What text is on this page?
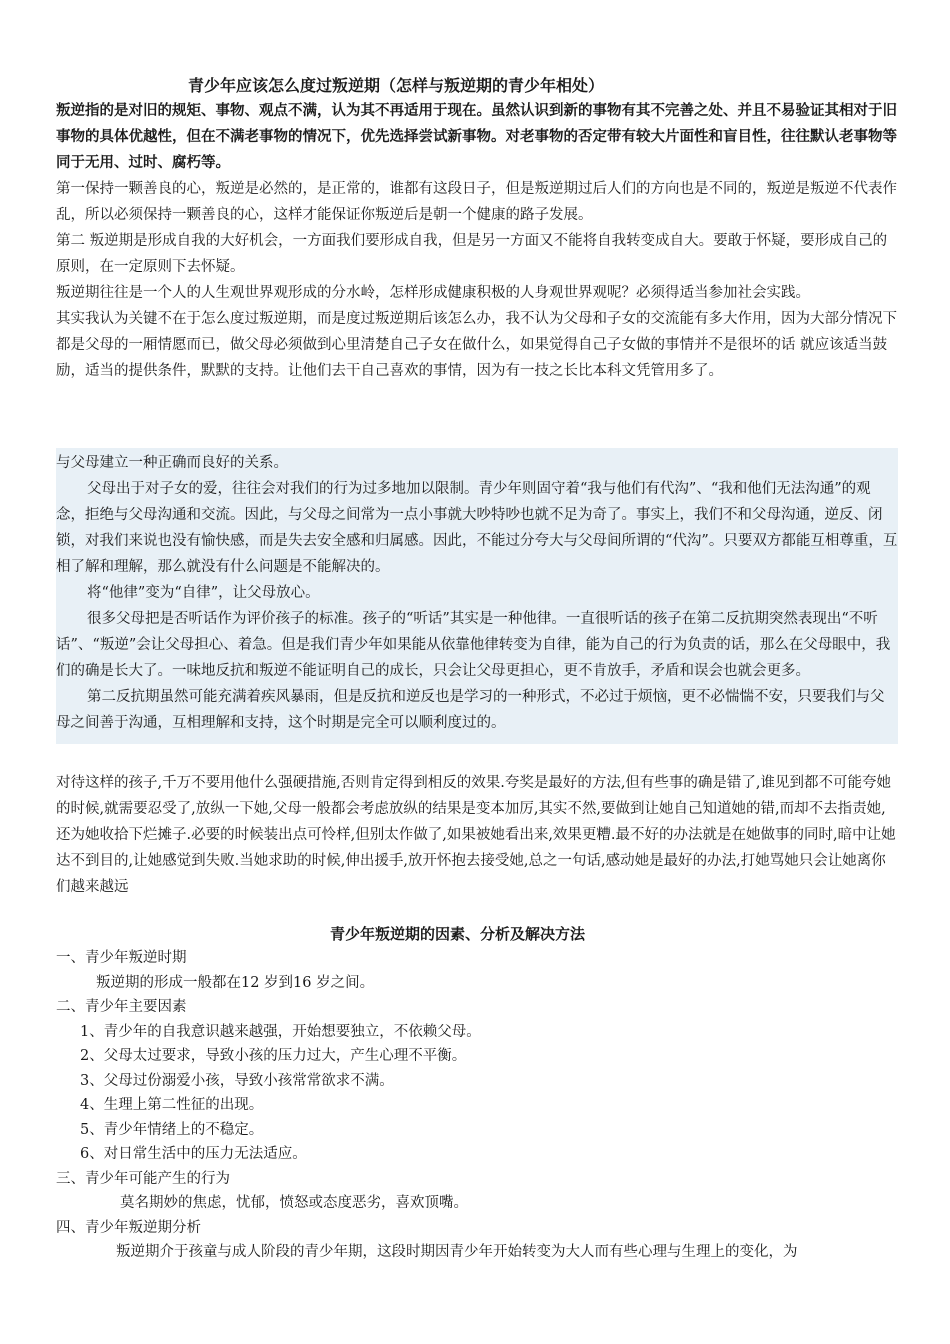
青少年应该怎么度过叛逆期（怎样与叛逆期的青少年相处）
叛逆指的是对旧的规矩、事物、观点不满，认为其不再适用于现在。虽然认识到新的事物有其不完善之处、并且不易验证其相对于旧事物的具体优越性，但在不满老事物的情况下，优先选择尝试新事物。对老事物的否定带有较大片面性和盲目性，往往默认老事物等同于无用、过时、腐朽等。

第一保持一颗善良的心，叛逆是必然的，是正常的，谁都有这段日子，但是叛逆期过后人们的方向也是不同的，叛逆是叛逆不代表作乱，所以必须保持一颗善良的心，这样才能保证你叛逆后是朝一个健康的路子发展。

第二 叛逆期是形成自我的大好机会，一方面我们要形成自我，但是另一方面又不能将自我转变成自大。要敢于怀疑，要形成自己的原则，在一定原则下去怀疑。

叛逆期往往是一个人的人生观世界观形成的分水岭，怎样形成健康积极的人身观世界观呢？必须得适当参加社会实践。

其实我认为关键不在于怎么度过叛逆期，而是度过叛逆期后该怎么办，我不认为父母和子女的交流能有多大作用，因为大部分情况下都是父母的一厢情愿而已，做父母必须做到心里清楚自己子女在做什么，如果觉得自己子女做的事情并不是很坏的话 就应该适当鼓励，适当的提供条件，默默的支持。让他们去干自己喜欢的事情，因为有一技之长比本科文凭管用多了。

与父母建立一种正确而良好的关系。

父母出于对子女的爱，往往会对我们的行为过多地加以限制。青少年则固守着“我与他们有代沟”、“我和他们无法沟通”的观念，拒绝与父母沟通和交流。因此，与父母之间常为一点小事就大吵特吵也就不足为奇了。事实上，我们不和父母沟通，逆反、闭锁，对我们来说也没有愉快感，而是失去安全感和归属感。因此，不能过分夸大与父母间所谓的“代沟”。只要双方都能互相尊重，互相了解和理解，那么就没有什么问题是不能解决的。

将“他律”变为“自律”，让父母放心。

很多父母把是否听话作为评价孩子的标准。孩子的“听话”其实是一种他律。一直很听话的孩子在第二反抗期突然表现出“不听话”、“叛逆”会让父母担心、着急。但是我们青少年如果能从依靠他律转变为自律，能为自己的行为负责的话，那么在父母眼中，我们的确是长大了。一味地反抗和叛逆不能证明自己的成长，只会让父母更担心，更不肯放手，矛盾和误会也就会更多。

第二反抗期虽然可能充满着疾风暴雨，但是反抗和逆反也是学习的一种形式，不必过于烦恼，更不必惴惴不安，只要我们与父母之间善于沟通，互相理解和支持，这个时期是完全可以顺利度过的。

对待这样的孩子,千万不要用他什么强硬措施,否则肯定得到相反的效果.夸奖是最好的方法,但有些事的确是错了,谁见到都不可能夸她的时候,就需要忍受了,放纵一下她,父母一般都会考虑放纵的结果是变本加厉,其实不然,要做到让她自己知道她的错,而却不去指责她,还为她收拾下烂摊子.必要的时候装出点可怜样,但别太作做了,如果被她看出来,效果更糟.最不好的办法就是在她做事的同时,暗中让她达不到目的,让她感觉到失败.当她求助的时候,伸出援手,放开怀抱去接受她,总之一句话,感动她是最好的办法,打她骂她只会让她离你们越来越远
青少年叛逆期的因素、分析及解决方法

一、青少年叛逆时期

叛逆期的形成一般都在12 岁到16 岁之间。

二、青少年主要因素

1、青少年的自我意识越来越强，开始想要独立，不依赖父母。

2、父母太过要求，导致小孩的压力过大，产生心理不平衡。

3、父母过份溺爱小孩，导致小孩常常欲求不满。

4、生理上第二性征的出现。

5、青少年情绪上的不稳定。

6、对日常生活中的压力无法适应。

三、青少年可能产生的行为

莫名期妙的焦虑，忧郁，愤怒或态度恶劣，喜欢顶嘴。

四、青少年叛逆期分析

叛逆期介于孩童与成人阶段的青少年期，这段时期因青少年开始转变为大人而有些心理与生理上的变化，为
